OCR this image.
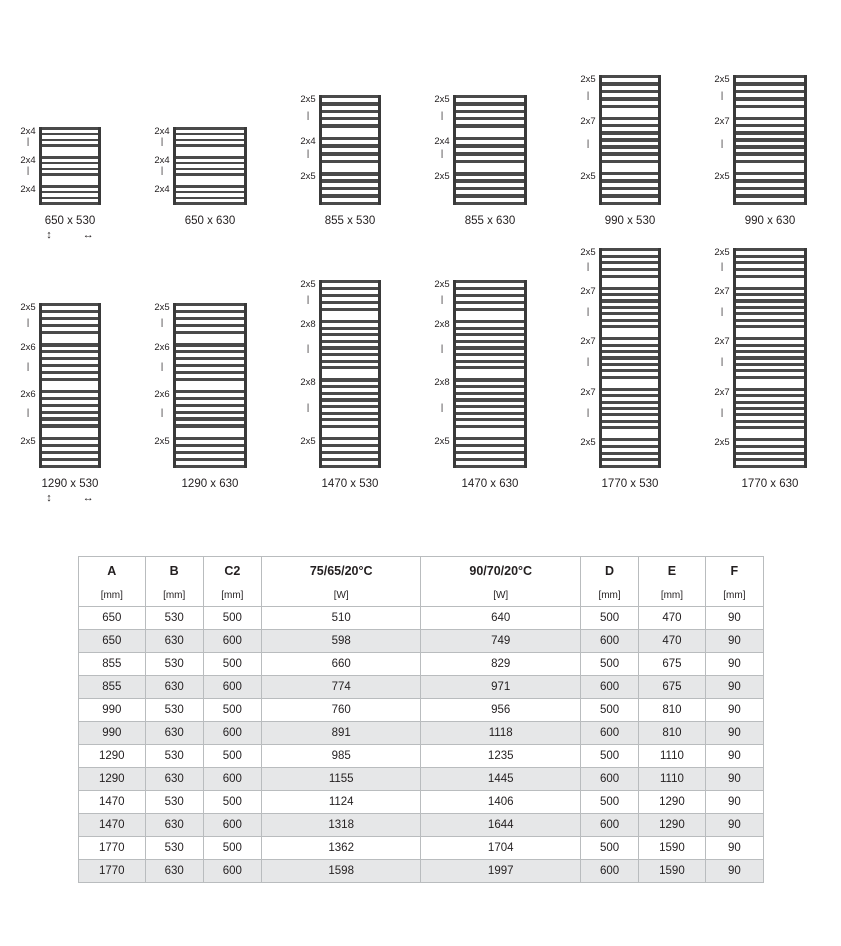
2x4
|
2x4
|
2x4
650 x 530
↕ ↔
2x4
|
2x4
|
2x4
650 x 630
2x5
|
2x4
|
2x5
855 x 530
2x5
|
2x4
|
2x5
855 x 630
2x5
|
2x7
|
2x5
990 x 530
2x5
|
2x7
|
2x5
990 x 630
2x5
|
2x6
|
2x6
|
2x5
1290 x 530
↕ ↔
2x5
|
2x6
|
2x6
|
2x5
1290 x 630
2x5
|
2x8
|
2x8
|
2x5
1470 x 530
2x5
|
2x8
|
2x8
|
2x5
1470 x 630
2x5
|
2x7
|
2x7
|
2x7
|
2x5
1770 x 530
2x5
|
2x7
|
2x7
|
2x7
|
2x5
1770 x 630
A	B	C2	75/65/20°C	90/70/20°C	D	E	F
[mm]	[mm]	[mm]	[W]	[W]	[mm]	[mm]	[mm]
650	530	500	510	640	500	470	90
650	630	600	598	749	600	470	90
855	530	500	660	829	500	675	90
855	630	600	774	971	600	675	90
990	530	500	760	956	500	810	90
990	630	600	891	1118	600	810	90
1290	530	500	985	1235	500	1110	90
1290	630	600	1155	1445	600	1110	90
1470	530	500	1124	1406	500	1290	90
1470	630	600	1318	1644	600	1290	90
1770	530	500	1362	1704	500	1590	90
1770	630	600	1598	1997	600	1590	90
